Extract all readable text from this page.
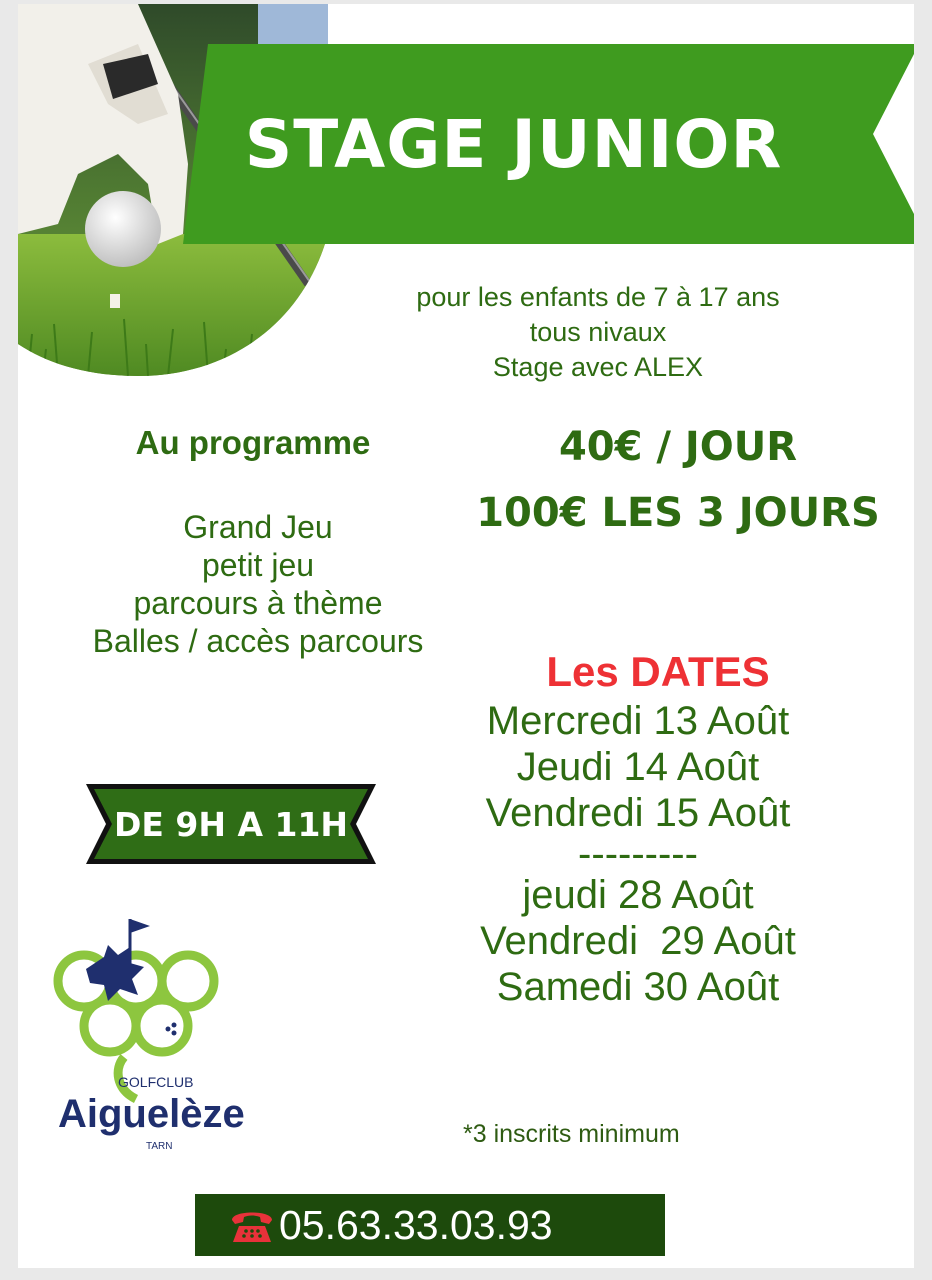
STAGE JUNIOR
pour les enfants de 7 à 17 ans
tous nivaux
Stage avec ALEX
Au programme
Grand Jeu
petit jeu
parcours à thème
Balles / accès parcours
40€ / JOUR
100€ LES 3 JOURS
Les DATES
Mercredi 13 Août
Jeudi 14 Août
Vendredi 15 Août
---------
jeudi 28 Août
Vendredi  29 Août
Samedi 30 Août
DE 9H A 11H
GOLFCLUB
Aiguelèze
TARN	*3 inscrits minimum
05.63.33.03.93
